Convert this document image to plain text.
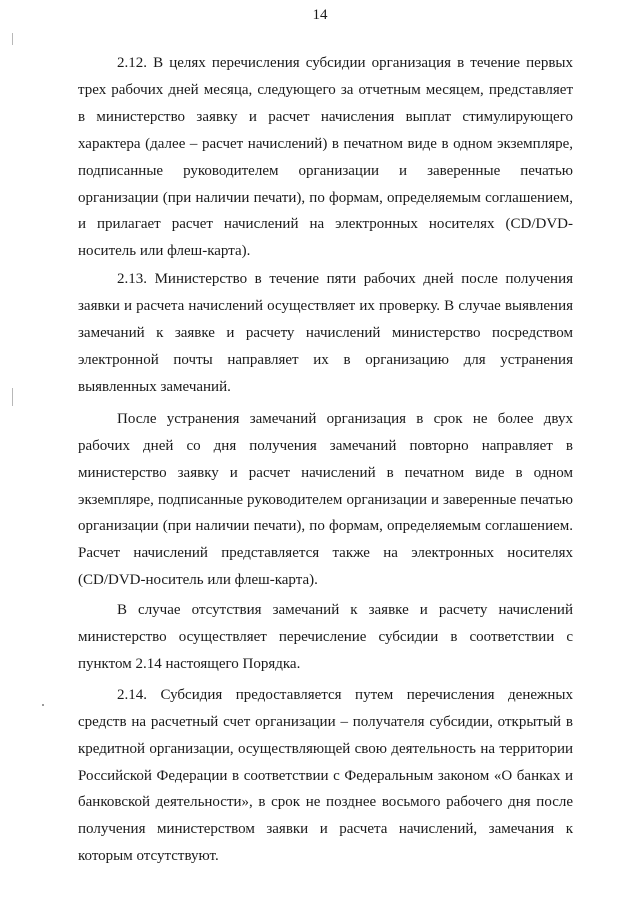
14

2.12. В целях перечисления субсидии организация в течение первых трех рабочих дней месяца, следующего за отчетным месяцем, представляет в министерство заявку и расчет начисления выплат стимулирующего характера (далее – расчет начислений) в печатном виде в одном экземпляре, подписанные руководителем организации и заверенные печатью организации (при наличии печати), по формам, определяемым соглашением, и прилагает расчет начислений на электронных носителях (CD/DVD-носитель или флеш-карта).

2.13. Министерство в течение пяти рабочих дней после получения заявки и расчета начислений осуществляет их проверку. В случае выявления замечаний к заявке и расчету начислений министерство посредством электронной почты направляет их в организацию для устранения выявленных замечаний.

После устранения замечаний организация в срок не более двух рабочих дней со дня получения замечаний повторно направляет в министерство заявку и расчет начислений в печатном виде в одном экземпляре, подписанные руководителем организации и заверенные печатью организации (при наличии печати), по формам, определяемым соглашением. Расчет начислений представляется также на электронных носителях (CD/DVD-носитель или флеш-карта).

В случае отсутствия замечаний к заявке и расчету начислений министерство осуществляет перечисление субсидии в соответствии с пунктом 2.14 настоящего Порядка.

2.14. Субсидия предоставляется путем перечисления денежных средств на расчетный счет организации – получателя субсидии, открытый в кредитной организации, осуществляющей свою деятельность на территории Российской Федерации в соответствии с Федеральным законом «О банках и банковской деятельности», в срок не позднее восьмого рабочего дня после получения министерством заявки и расчета начислений, замечания к которым отсутствуют.
